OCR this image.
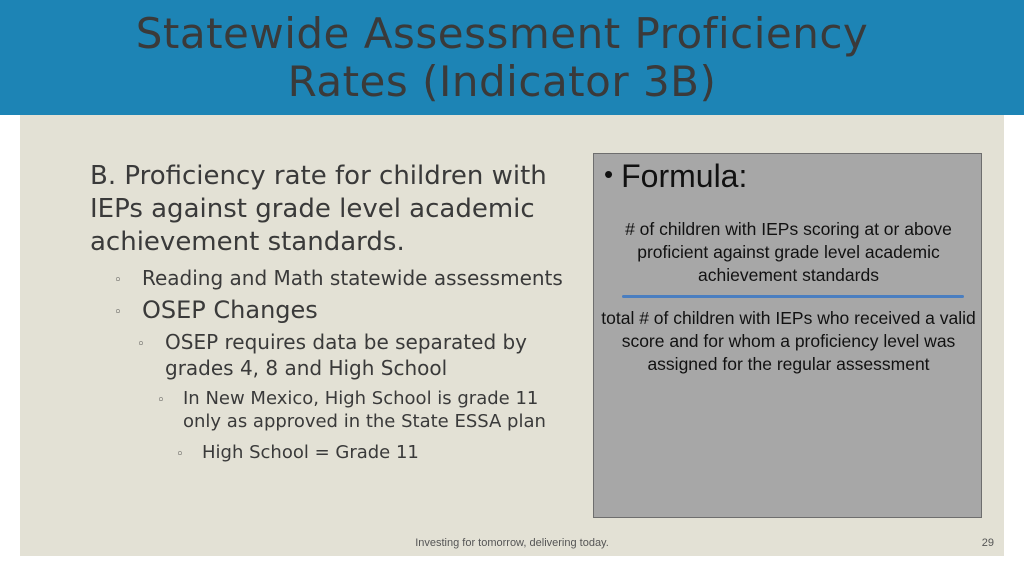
Statewide Assessment Proficiency
Rates (Indicator 3B)

B. Proficiency rate for children with IEPs against grade level academic achievement standards.

◦ Reading and Math statewide assessments
◦ OSEP Changes
◦ OSEP requires data be separated by grades 4, 8 and High School
◦ In New Mexico, High School is grade 11 only as approved in the State ESSA plan
◦ High School = Grade 11
• Formula:
# of children with IEPs scoring at or above proficient against grade level academic achievement standards
total # of children with IEPs who received a valid score and for whom a proficiency level was assigned for the regular assessment
Investing for tomorrow, delivering today.	29
